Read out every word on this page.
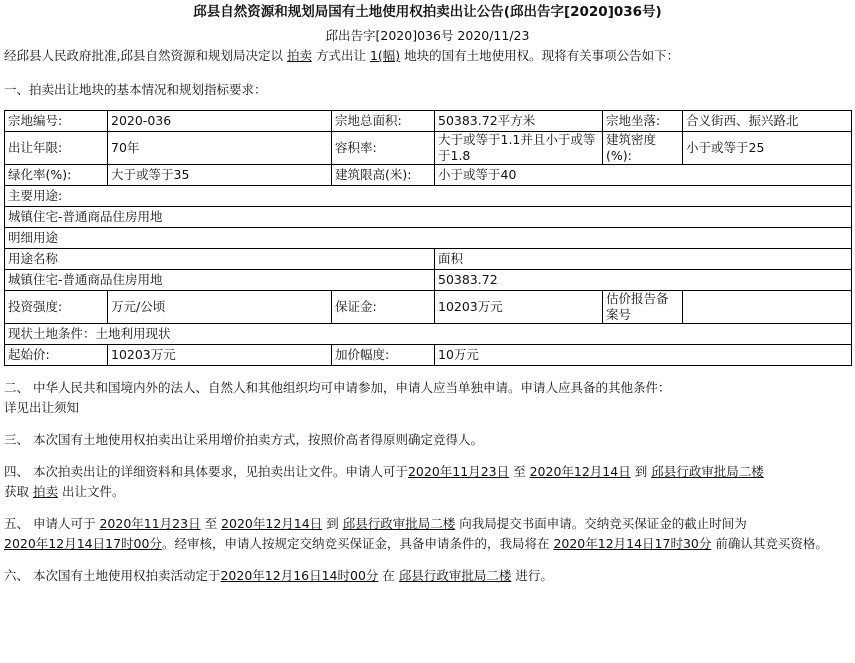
邱县自然资源和规划局国有土地使用权拍卖出让公告(邱出告字[2020]036号)
邱出告字[2020]036号 2020/11/23
经邱县人民政府批准,邱县自然资源和规划局决定以 拍卖 方式出让 1(幅) 地块的国有土地使用权。现将有关事项公告如下：
一、拍卖出让地块的基本情况和规划指标要求：
宗地编号:	2020-036	宗地总面积:	50383.72平方米	宗地坐落:	合义街西、振兴路北
出让年限:	70年	容积率:	大于或等于1.1并且小于或等于1.8	建筑密度(%):	小于或等于25
绿化率(%):	大于或等于35	建筑限高(米):	小于或等于40		
主要用途:					
城镇住宅-普通商品住房用地					
明细用途					
用途名称			面积		
城镇住宅-普通商品住房用地			50383.72		
投资强度:	万元/公顷	保证金:	10203万元	估价报告备案号	
现状土地条件：土地利用现状					
起始价:	10203万元	加价幅度:	10万元		

二、 中华人民共和国境内外的法人、自然人和其他组织均可申请参加，申请人应当单独申请。申请人应具备的其他条件：

详见出让须知

三、 本次国有土地使用权拍卖出让采用增价拍卖方式，按照价高者得原则确定竞得人。

四、 本次拍卖出让的详细资料和具体要求，见拍卖出让文件。申请人可于2020年11月23日 至 2020年12月14日 到 邱县行政审批局二楼
获取 拍卖 出让文件。

五、 申请人可于 2020年11月23日 至 2020年12月14日 到 邱县行政审批局二楼 向我局提交书面申请。交纳竞买保证金的截止时间为
2020年12月14日17时00分。经审核，申请人按规定交纳竞买保证金，具备申请条件的，我局将在 2020年12月14日17时30分 前确认其竞买资格。

六、 本次国有土地使用权拍卖活动定于2020年12月16日14时00分 在 邱县行政审批局二楼 进行。
